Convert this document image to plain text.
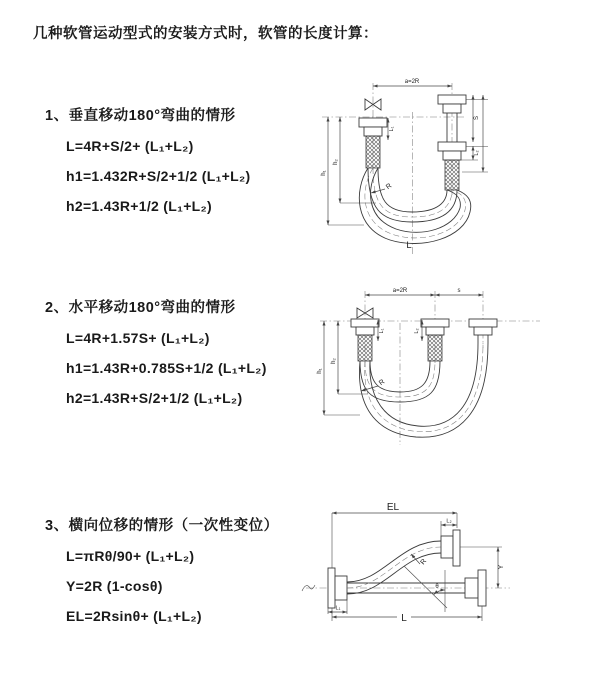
几种软管运动型式的安装方式时，软管的长度计算：
1、垂直移动180°弯曲的情形
L=4R+S/2+ (L₁+L₂)
h1=1.432R+S/2+1/2 (L₁+L₂)
h2=1.43R+1/2 (L₁+L₂)
a=2R
h₁
h₂
L₁
S
L₂
R
L
2、水平移动180°弯曲的情形
L=4R+1.57S+ (L₁+L₂)
h1=1.43R+0.785S+1/2 (L₁+L₂)
h2=1.43R+S/2+1/2 (L₁+L₂)
a=2R	s
h₁
h₂
L₁	L₂
R
3、横向位移的情形（一次性变位）
L=πRθ/90+ (L₁+L₂)
Y=2R (1-cosθ)
EL=2Rsinθ+ (L₁+L₂)
EL
L₂
Y
R
θ
L
L₁
